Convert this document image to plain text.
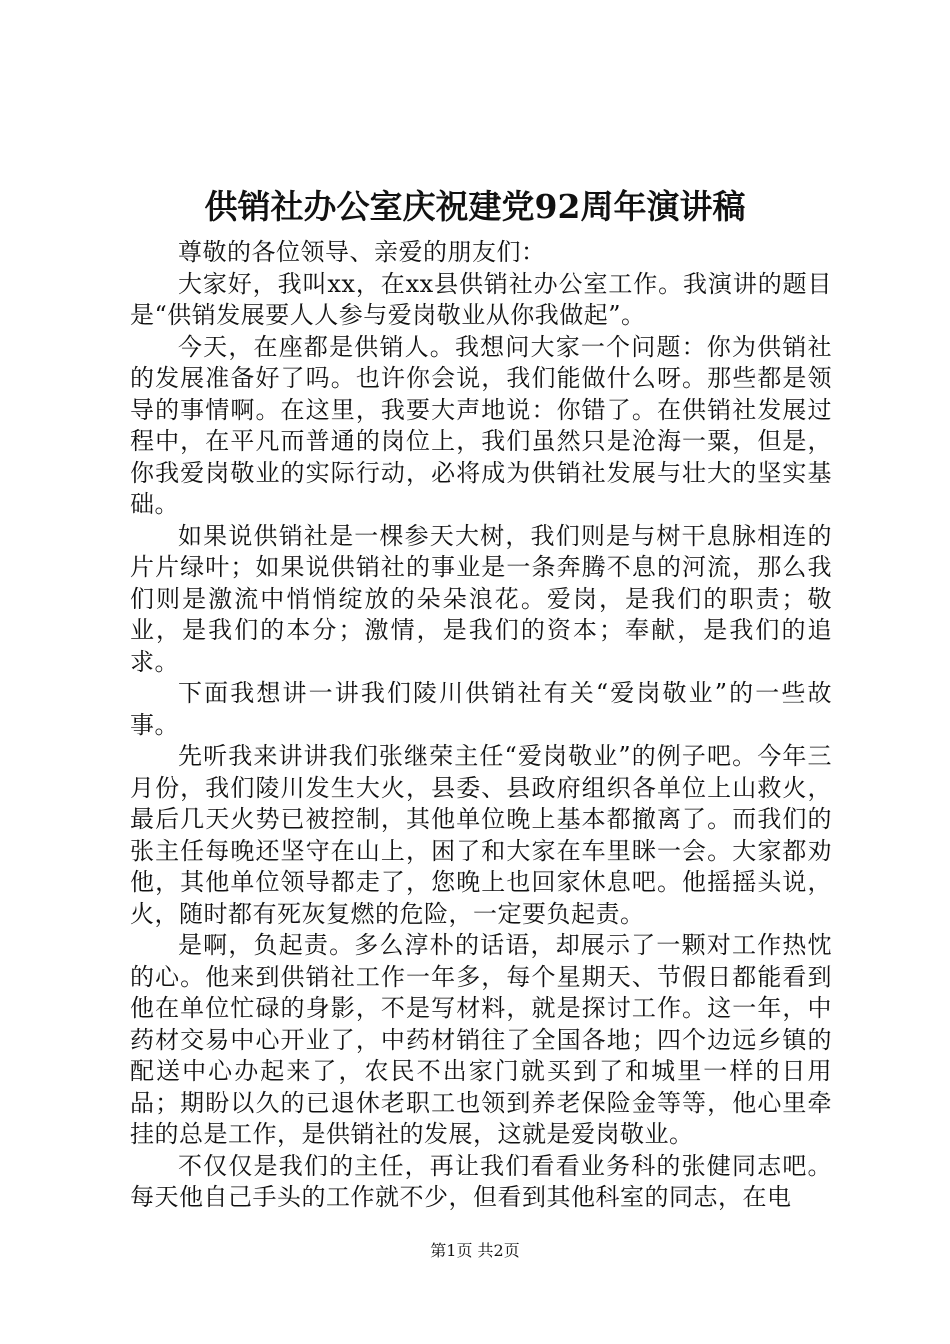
供销社办公室庆祝建党92周年演讲稿

尊敬的各位领导、亲爱的朋友们：

大家好，我叫xx，在xx县供销社办公室工作。我演讲的题目是“供销发展要人人参与爱岗敬业从你我做起”。

今天，在座都是供销人。我想问大家一个问题：你为供销社的发展准备好了吗。也许你会说，我们能做什么呀。那些都是领导的事情啊。在这里，我要大声地说：你错了。在供销社发展过程中，在平凡而普通的岗位上，我们虽然只是沧海一粟，但是，你我爱岗敬业的实际行动，必将成为供销社发展与壮大的坚实基础。

如果说供销社是一棵参天大树，我们则是与树干息脉相连的片片绿叶；如果说供销社的事业是一条奔腾不息的河流，那么我们则是激流中悄悄绽放的朵朵浪花。爱岗，是我们的职责；敬业，是我们的本分；激情，是我们的资本；奉献，是我们的追求。

下面我想讲一讲我们陵川供销社有关“爱岗敬业”的一些故事。

先听我来讲讲我们张继荣主任“爱岗敬业”的例子吧。今年三月份，我们陵川发生大火，县委、县政府组织各单位上山救火，最后几天火势已被控制，其他单位晚上基本都撤离了。而我们的张主任每晚还坚守在山上，困了和大家在车里眯一会。大家都劝他，其他单位领导都走了，您晚上也回家休息吧。他摇摇头说，火，随时都有死灰复燃的危险，一定要负起责。

是啊，负起责。多么淳朴的话语，却展示了一颗对工作热忱的心。他来到供销社工作一年多，每个星期天、节假日都能看到他在单位忙碌的身影，不是写材料，就是探讨工作。这一年，中药材交易中心开业了，中药材销往了全国各地；四个边远乡镇的配送中心办起来了，农民不出家门就买到了和城里一样的日用品；期盼以久的已退休老职工也领到养老保险金等等，他心里牵挂的总是工作，是供销社的发展，这就是爱岗敬业。

不仅仅是我们的主任，再让我们看看业务科的张健同志吧。每天他自己手头的工作就不少，但看到其他科室的同志，在电

第1页 共2页
